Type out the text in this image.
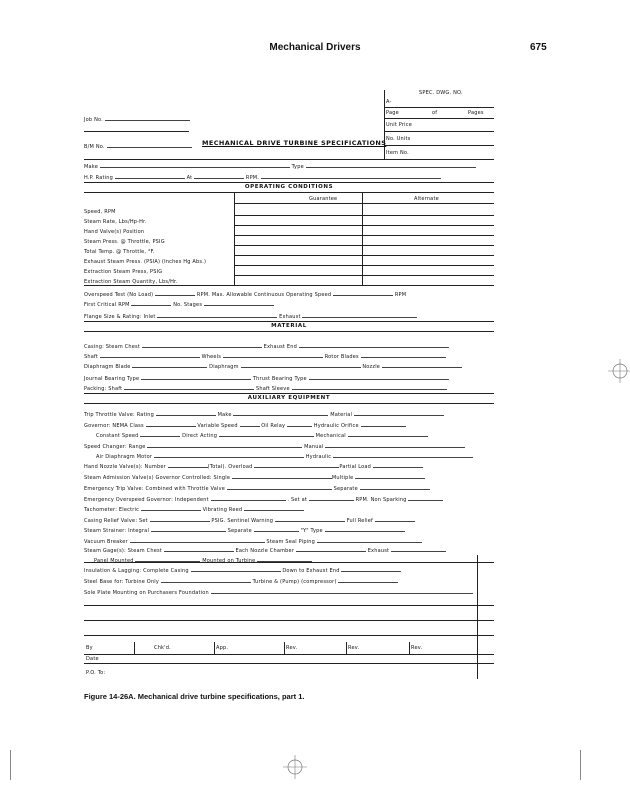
Mechanical Drivers	675
SPEC. DWG. NO.
A-
Page	of	Pages
Unit Price
No. Units
Item No.
Job No.
B/M No.	MECHANICAL DRIVE TURBINE SPECIFICATIONS
Make	Type
H.P. Rating	At	RPM.
OPERATING CONDITIONS
Guarantee	Alternate
Speed, RPM
Steam Rate, Lbs/Hp-Hr.
Hand Valve(s) Position
Steam Press. @ Throttle, PSIG
Total Temp. @ Throttle, °F.
Exhaust Steam Press. (PSIA) (Inches Hg Abs.)
Extraction Steam Press, PSIG
Extraction Steam Quantity, Lbs/Hr.
Overspeed Test (No Load)	RPM. Max. Allowable Continuous Operating Speed	RPM
First Critical RPM	No. Stages
Flange Size & Rating: Inlet	Exhaust
MATERIAL
Casing: Steam Chest	Exhaust End
Shaft	Wheels	Rotor Blades
Diaphragm Blade	Diaphragm	Nozzle
Journal Bearing Type	Thrust Bearing Type
Packing: Shaft	Shaft Sleeve
AUXILIARY EQUIPMENT
Trip Throttle Valve: Rating	Make	Material
Governor: NEMA Class	Variable Speed	Oil Relay	Hydraulic Orifice
Constant Speed	Direct Acting	Mechanical
Speed Changer: Range	Manual
Air Diaphragm Motor	Hydraulic
Hand Nozzle Valve(s): Number	(Total). Overload	Partial Load
Steam Admission Valve(s) Governor Controlled: Single	Multiple
Emergency Trip Valve: Combined with Throttle Valve	Separate
Emergency Overspeed Governor: Independent	. Set at	RPM. Non Sparking
Tachometer: Electric	Vibrating Reed
Casing Relief Valve: Set	PSIG. Sentinel Warning	Full Relief
Steam Strainer: Integral	Separate	"Y" Type
Vacuum Breaker	Steam Seal Piping
Steam Gage(s): Steam Chest	Each Nozzle Chamber	Exhaust
Panel Mounted	Mounted on Turbine
Insulation & Lagging: Complete Casing	Down to Exhaust End
Steel Base for: Turbine Only	Turbine & (Pump) (compressor)
Sole Plate Mounting on Purchasers Foundation
By	Chk'd.	App.	Rev.	Rev.	Rev.
Date
P.O. To:
Figure 14-26A. Mechanical drive turbine specifications, part 1.
